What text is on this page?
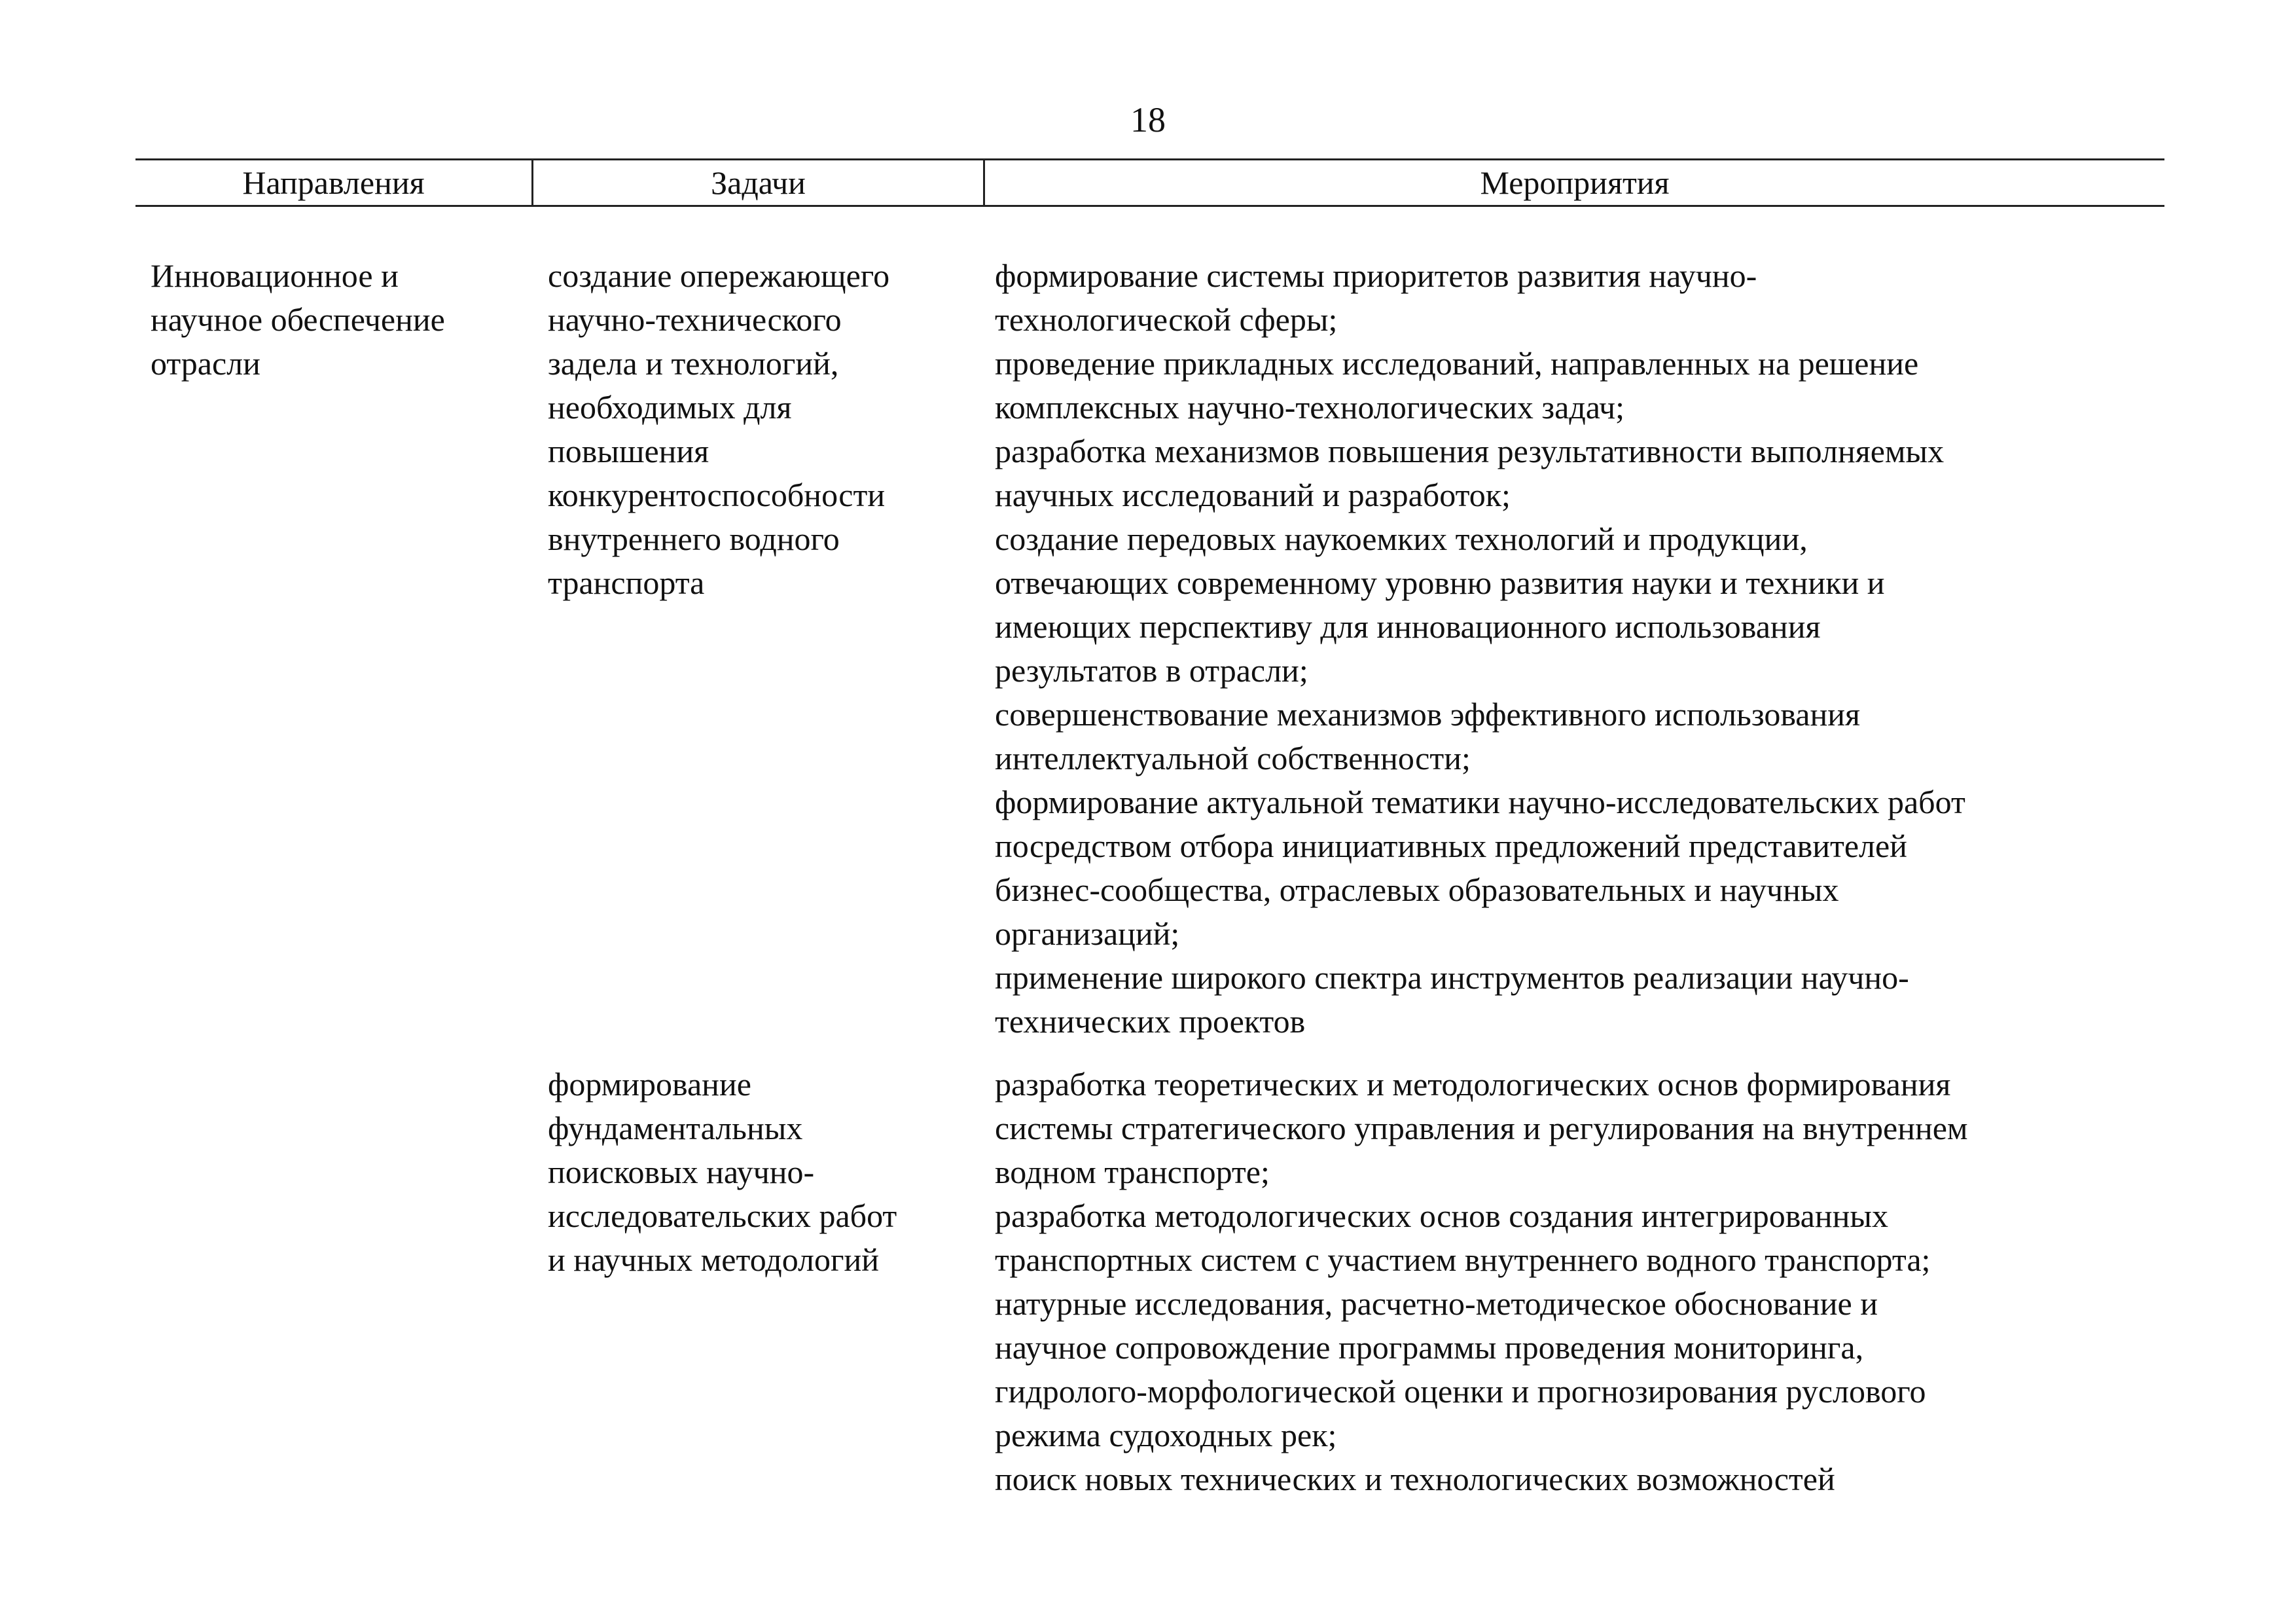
18
Направления	Задачи	Мероприятия
Инновационное и
научное обеспечение
отрасли
создание опережающего
научно-технического
задела и технологий,
необходимых для
повышения
конкурентоспособности
внутреннего водного
транспорта
формирование системы приоритетов развития научно-
технологической сферы;
проведение прикладных исследований, направленных на решение
комплексных научно-технологических задач;
разработка механизмов повышения результативности выполняемых
научных исследований и разработок;
создание передовых наукоемких технологий и продукции,
отвечающих современному уровню развития науки и техники и
имеющих перспективу для инновационного использования
результатов в отрасли;
совершенствование механизмов эффективного использования
интеллектуальной собственности;
формирование актуальной тематики научно-исследовательских работ
посредством отбора инициативных предложений представителей
бизнес-сообщества, отраслевых образовательных и научных
организаций;
применение широкого спектра инструментов реализации научно-
технических проектов
формирование
фундаментальных
поисковых научно-
исследовательских работ
и научных методологий
разработка теоретических и методологических основ формирования
системы стратегического управления и регулирования на внутреннем
водном транспорте;
разработка методологических основ создания интегрированных
транспортных систем с участием внутреннего водного транспорта;
натурные исследования, расчетно-методическое обоснование и
научное сопровождение программы проведения мониторинга,
гидролого-морфологической оценки и прогнозирования руслового
режима судоходных рек;
поиск новых технических и технологических возможностей
